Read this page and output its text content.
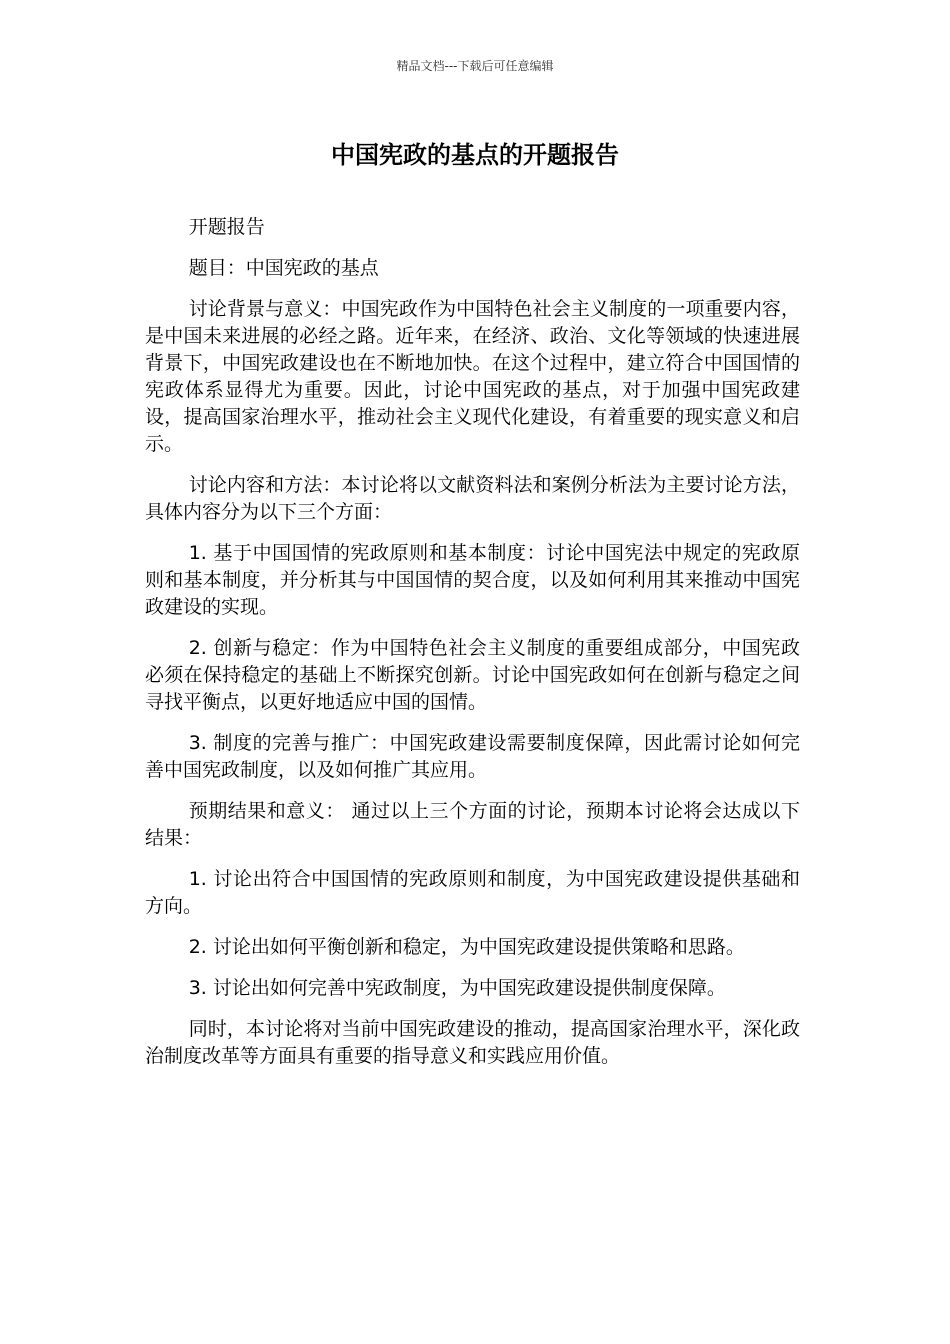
精品文档---下载后可任意编辑
中国宪政的基点的开题报告

开题报告

题目：中国宪政的基点

讨论背景与意义：中国宪政作为中国特色社会主义制度的一项重要内容，是中国未来进展的必经之路。近年来，在经济、政治、文化等领域的快速进展背景下，中国宪政建设也在不断地加快。在这个过程中，建立符合中国国情的宪政体系显得尤为重要。因此，讨论中国宪政的基点，对于加强中国宪政建设，提高国家治理水平，推动社会主义现代化建设，有着重要的现实意义和启示。

讨论内容和方法：本讨论将以文献资料法和案例分析法为主要讨论方法，具体内容分为以下三个方面：

1. 基于中国国情的宪政原则和基本制度：讨论中国宪法中规定的宪政原则和基本制度，并分析其与中国国情的契合度，以及如何利用其来推动中国宪政建设的实现。

2. 创新与稳定：作为中国特色社会主义制度的重要组成部分，中国宪政必须在保持稳定的基础上不断探究创新。讨论中国宪政如何在创新与稳定之间寻找平衡点，以更好地适应中国的国情。

3. 制度的完善与推广：中国宪政建设需要制度保障，因此需讨论如何完善中国宪政制度，以及如何推广其应用。

预期结果和意义： 通过以上三个方面的讨论，预期本讨论将会达成以下结果：

1. 讨论出符合中国国情的宪政原则和制度，为中国宪政建设提供基础和方向。

2. 讨论出如何平衡创新和稳定，为中国宪政建设提供策略和思路。

3. 讨论出如何完善中宪政制度，为中国宪政建设提供制度保障。

同时，本讨论将对当前中国宪政建设的推动，提高国家治理水平，深化政治制度改革等方面具有重要的指导意义和实践应用价值。
